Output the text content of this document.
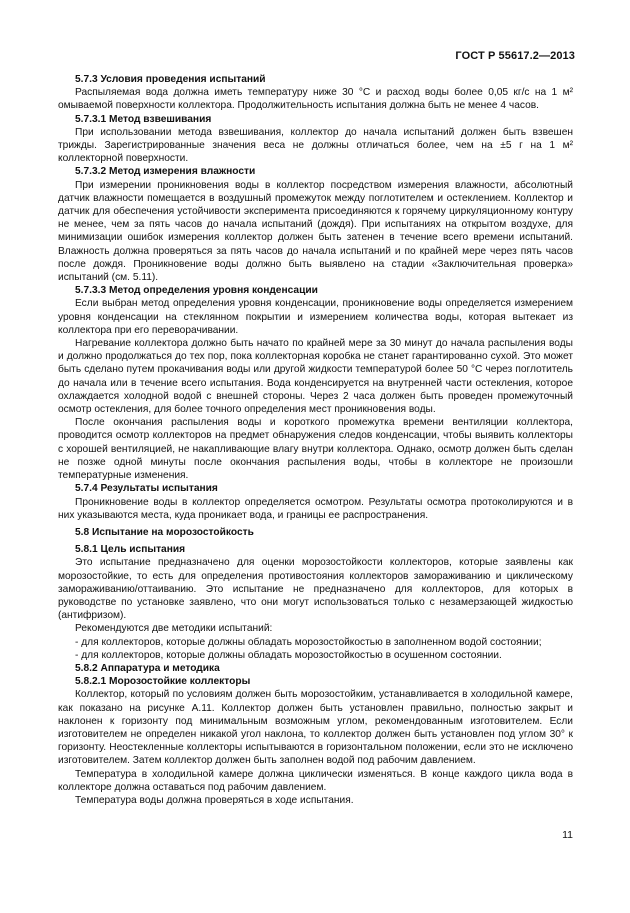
ГОСТ Р 55617.2—2013
5.7.3 Условия проведения испытаний

Распыляемая вода должна иметь температуру ниже 30 °С и расход воды более 0,05 кг/с на 1 м² омываемой поверхности коллектора. Продолжительность испытания должна быть не менее 4 часов.

5.7.3.1 Метод взвешивания

При использовании метода взвешивания, коллектор до начала испытаний должен быть взвешен трижды. Зарегистрированные значения веса не должны отличаться более, чем на ±5 г на 1 м² коллекторной поверхности.

5.7.3.2 Метод измерения влажности

При измерении проникновения воды в коллектор посредством измерения влажности, абсолютный датчик влажности помещается в воздушный промежуток между поглотителем и остеклением. Коллектор и датчик для обеспечения устойчивости эксперимента присоединяются к горячему циркуляционному контуру не менее, чем за пять часов до начала испытаний (дождя). При испытаниях на открытом воздухе, для минимизации ошибок измерения коллектор должен быть затенен в течение всего времени испытаний. Влажность должна проверяться за пять часов до начала испытаний и по крайней мере через пять часов после дождя. Проникновение воды должно быть выявлено на стадии «Заключительная проверка» испытаний (см. 5.11).

5.7.3.3 Метод определения уровня конденсации

Если выбран метод определения уровня конденсации, проникновение воды определяется измерением уровня конденсации на стеклянном покрытии и измерением количества воды, которая вытекает из коллектора при его переворачивании.

Нагревание коллектора должно быть начато по крайней мере за 30 минут до начала распыления воды и должно продолжаться до тех пор, пока коллекторная коробка не станет гарантированно сухой. Это может быть сделано путем прокачивания воды или другой жидкости температурой более 50 °С через поглотитель до начала или в течение всего испытания. Вода конденсируется на внутренней части остекления, которое охлаждается холодной водой с внешней стороны. Через 2 часа должен быть проведен промежуточный осмотр остекления, для более точного определения мест проникновения воды.

После окончания распыления воды и короткого промежутка времени вентиляции коллектора, проводится осмотр коллекторов на предмет обнаружения следов конденсации, чтобы выявить коллекторы с хорошей вентиляцией, не накапливающие влагу внутри коллектора. Однако, осмотр должен быть сделан не позже одной минуты после окончания распыления воды, чтобы в коллекторе не произошли температурные изменения.

5.7.4 Результаты испытания

Проникновение воды в коллектор определяется осмотром. Результаты осмотра протоколируются и в них указываются места, куда проникает вода, и границы ее распространения.

5.8 Испытание на морозостойкость
5.8.1 Цель испытания

Это испытание предназначено для оценки морозостойкости коллекторов, которые заявлены как морозостойкие, то есть для определения противостояния коллекторов замораживанию и циклическому замораживанию/оттаиванию. Это испытание не предназначено для коллекторов, для которых в руководстве по установке заявлено, что они могут использоваться только с незамерзающей жидкостью (антифризом).

Рекомендуются две методики испытаний:

- для коллекторов, которые должны обладать морозостойкостью в заполненном водой состоянии;

- для коллекторов, которые должны обладать морозостойкостью в осушенном состоянии.

5.8.2 Аппаратура и методика
5.8.2.1 Морозостойкие коллекторы

Коллектор, который по условиям должен быть морозостойким, устанавливается в холодильной камере, как показано на рисунке А.11. Коллектор должен быть установлен правильно, полностью закрыт и наклонен к горизонту под минимальным возможным углом, рекомендованным изготовителем. Если изготовителем не определен никакой угол наклона, то коллектор должен быть установлен под углом 30° к горизонту. Неостекленные коллекторы испытываются в горизонтальном положении, если это не исключено изготовителем. Затем коллектор должен быть заполнен водой под рабочим давлением.

Температура в холодильной камере должна циклически изменяться. В конце каждого цикла вода в коллекторе должна оставаться под рабочим давлением.

Температура воды должна проверяться в ходе испытания.

11
